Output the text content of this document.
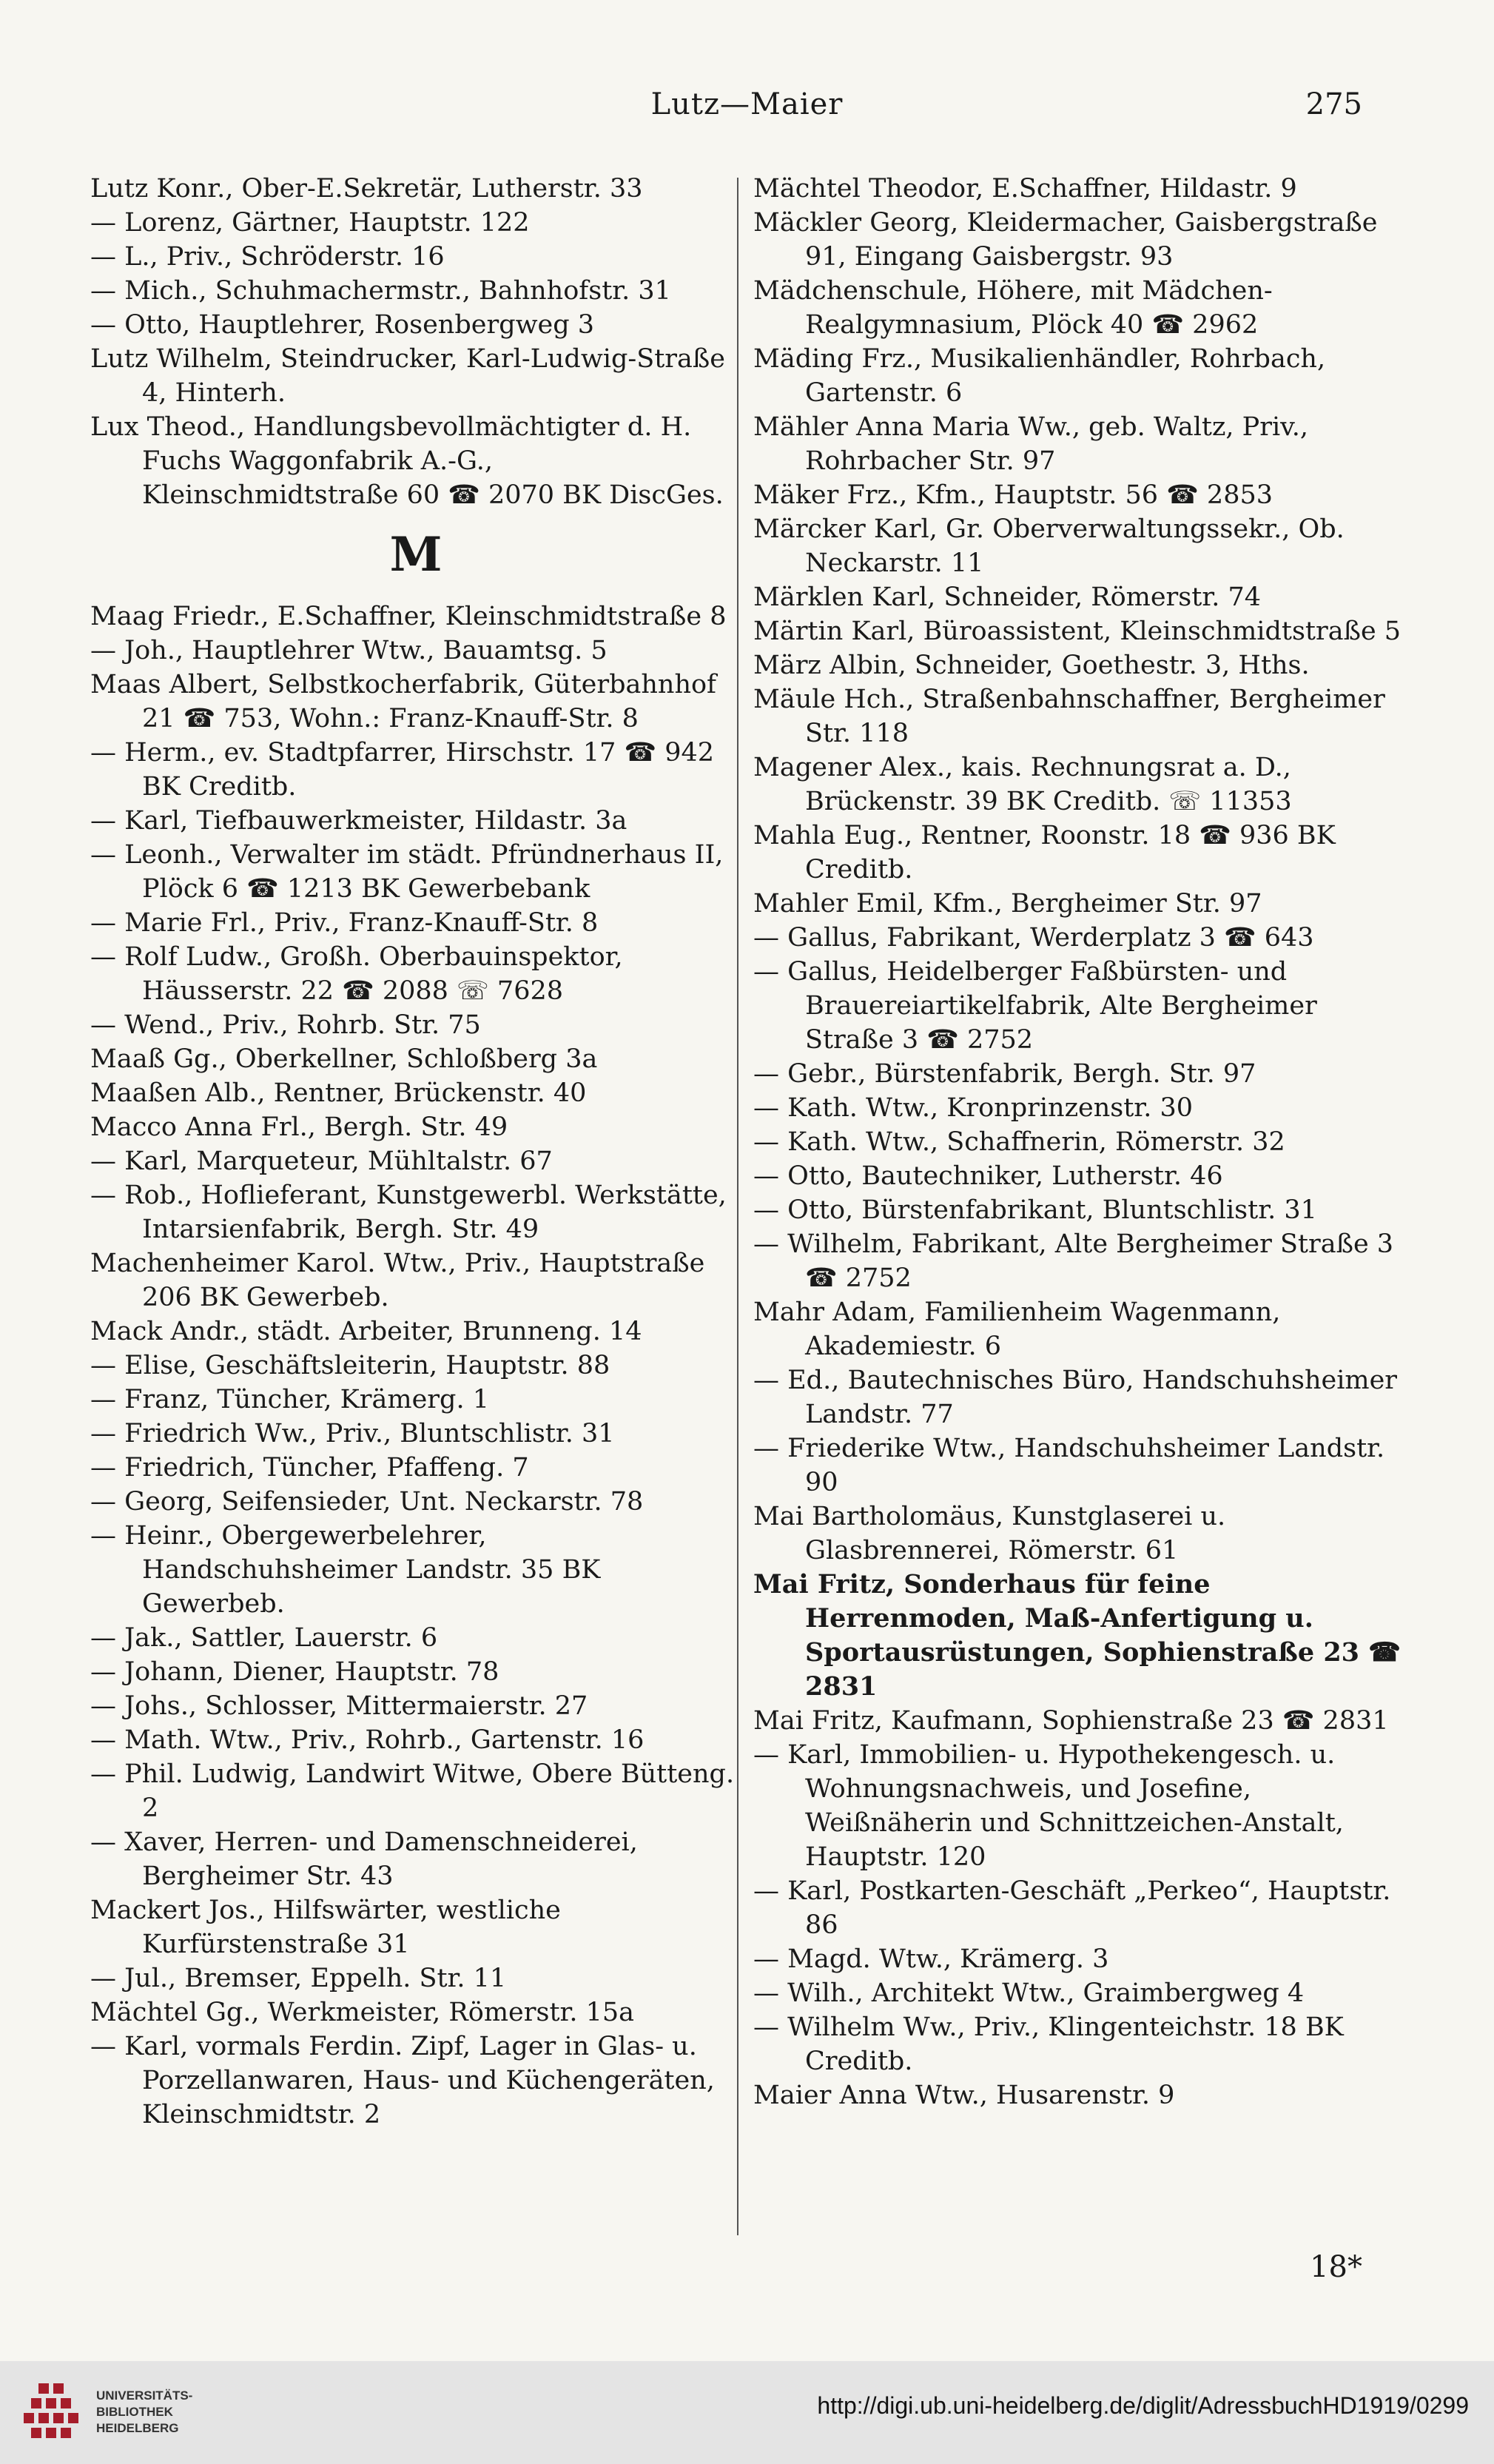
Lutz—Maier	275

Lutz Konr., Ober-E.Sekretär, Lutherstr. 33

— Lorenz, Gärtner, Hauptstr. 122

— L., Priv., Schröderstr. 16

— Mich., Schuhmachermstr., Bahnhofstr. 31

— Otto, Hauptlehrer, Rosenbergweg 3

Lutz Wilhelm, Steindrucker, Karl-Ludwig-Straße 4, Hinterh.

Lux Theod., Handlungsbevollmächtigter d. H. Fuchs Waggonfabrik A.-G., Kleinschmidtstraße 60 ☎ 2070 BK DiscGes.

M

Maag Friedr., E.Schaffner, Kleinschmidtstraße 8

— Joh., Hauptlehrer Wtw., Bauamtsg. 5

Maas Albert, Selbstkocherfabrik, Güterbahnhof 21 ☎ 753, Wohn.: Franz-Knauff-Str. 8

— Herm., ev. Stadtpfarrer, Hirschstr. 17 ☎ 942 BK Creditb.

— Karl, Tiefbauwerkmeister, Hildastr. 3a

— Leonh., Verwalter im städt. Pfründnerhaus II, Plöck 6 ☎ 1213 BK Gewerbebank

— Marie Frl., Priv., Franz-Knauff-Str. 8

— Rolf Ludw., Großh. Oberbauinspektor, Häusserstr. 22 ☎ 2088 ☏ 7628

— Wend., Priv., Rohrb. Str. 75

Maaß Gg., Oberkellner, Schloßberg 3a

Maaßen Alb., Rentner, Brückenstr. 40

Macco Anna Frl., Bergh. Str. 49

— Karl, Marqueteur, Mühltalstr. 67

— Rob., Hoflieferant, Kunstgewerbl. Werkstätte, Intarsienfabrik, Bergh. Str. 49

Machenheimer Karol. Wtw., Priv., Hauptstraße 206 BK Gewerbeb.

Mack Andr., städt. Arbeiter, Brunneng. 14

— Elise, Geschäftsleiterin, Hauptstr. 88

— Franz, Tüncher, Krämerg. 1

— Friedrich Ww., Priv., Bluntschlistr. 31

— Friedrich, Tüncher, Pfaffeng. 7

— Georg, Seifensieder, Unt. Neckarstr. 78

— Heinr., Obergewerbelehrer, Handschuhsheimer Landstr. 35 BK Gewerbeb.

— Jak., Sattler, Lauerstr. 6

— Johann, Diener, Hauptstr. 78

— Johs., Schlosser, Mittermaierstr. 27

— Math. Wtw., Priv., Rohrb., Gartenstr. 16

— Phil. Ludwig, Landwirt Witwe, Obere Bütteng. 2

— Xaver, Herren- und Damenschneiderei, Bergheimer Str. 43

Mackert Jos., Hilfswärter, westliche Kurfürstenstraße 31

— Jul., Bremser, Eppelh. Str. 11

Mächtel Gg., Werkmeister, Römerstr. 15a

— Karl, vormals Ferdin. Zipf, Lager in Glas- u. Porzellanwaren, Haus- und Küchengeräten, Kleinschmidtstr. 2

Mächtel Theodor, E.Schaffner, Hildastr. 9

Mäckler Georg, Kleidermacher, Gaisbergstraße 91, Eingang Gaisbergstr. 93

Mädchenschule, Höhere, mit Mädchen-Realgymnasium, Plöck 40 ☎ 2962

Mäding Frz., Musikalienhändler, Rohrbach, Gartenstr. 6

Mähler Anna Maria Ww., geb. Waltz, Priv., Rohrbacher Str. 97

Mäker Frz., Kfm., Hauptstr. 56 ☎ 2853

Märcker Karl, Gr. Oberverwaltungssekr., Ob. Neckarstr. 11

Märklen Karl, Schneider, Römerstr. 74

Märtin Karl, Büroassistent, Kleinschmidtstraße 5

März Albin, Schneider, Goethestr. 3, Hths.

Mäule Hch., Straßenbahnschaffner, Bergheimer Str. 118

Magener Alex., kais. Rechnungsrat a. D., Brückenstr. 39 BK Creditb. ☏ 11353

Mahla Eug., Rentner, Roonstr. 18 ☎ 936 BK Creditb.

Mahler Emil, Kfm., Bergheimer Str. 97

— Gallus, Fabrikant, Werderplatz 3 ☎ 643

— Gallus, Heidelberger Faßbürsten- und Brauereiartikelfabrik, Alte Bergheimer Straße 3 ☎ 2752

— Gebr., Bürstenfabrik, Bergh. Str. 97

— Kath. Wtw., Kronprinzenstr. 30

— Kath. Wtw., Schaffnerin, Römerstr. 32

— Otto, Bautechniker, Lutherstr. 46

— Otto, Bürstenfabrikant, Bluntschlistr. 31

— Wilhelm, Fabrikant, Alte Bergheimer Straße 3 ☎ 2752

Mahr Adam, Familienheim Wagenmann, Akademiestr. 6

— Ed., Bautechnisches Büro, Handschuhsheimer Landstr. 77

— Friederike Wtw., Handschuhsheimer Landstr. 90

Mai Bartholomäus, Kunstglaserei u. Glasbrennerei, Römerstr. 61

Mai Fritz, Sonderhaus für feine Herrenmoden, Maß-Anfertigung u. Sportausrüstungen, Sophienstraße 23 ☎ 2831

Mai Fritz, Kaufmann, Sophienstraße 23 ☎ 2831

— Karl, Immobilien- u. Hypothekengesch. u. Wohnungsnachweis, und Josefine, Weißnäherin und Schnittzeichen-Anstalt, Hauptstr. 120

— Karl, Postkarten-Geschäft „Perkeo“, Hauptstr. 86

— Magd. Wtw., Krämerg. 3

— Wilh., Architekt Wtw., Graimbergweg 4

— Wilhelm Ww., Priv., Klingenteichstr. 18 BK Creditb.

Maier Anna Wtw., Husarenstr. 9

18*
UNIVERSITÄTS-
BIBLIOTHEK
HEIDELBERG
http://digi.ub.uni-heidelberg.de/diglit/AdressbuchHD1919/0299
